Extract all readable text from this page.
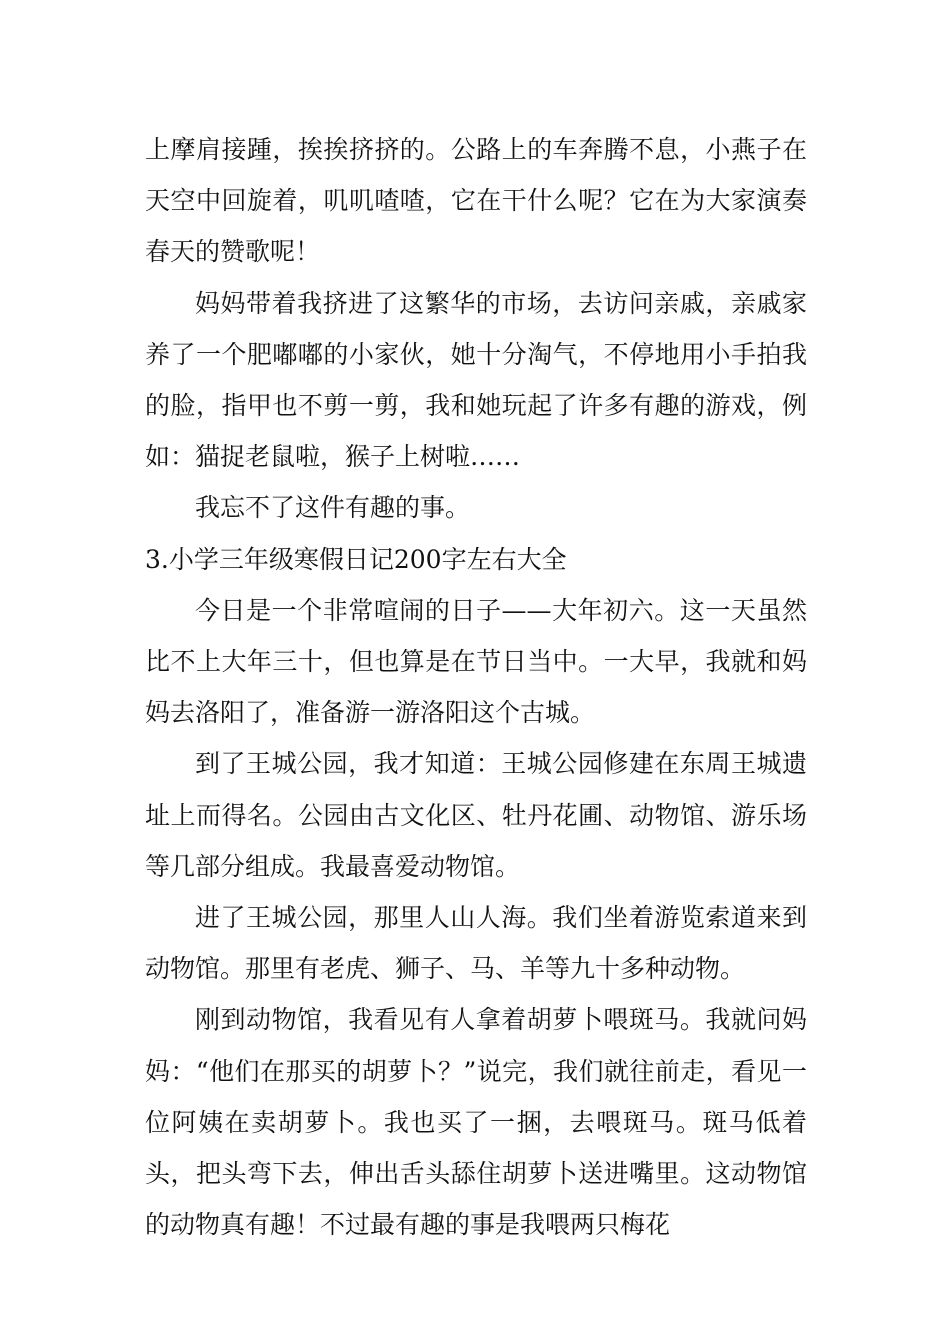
上摩肩接踵，挨挨挤挤的。公路上的车奔腾不息，小燕子在天空中回旋着，叽叽喳喳，它在干什么呢？它在为大家演奏春天的赞歌呢！

妈妈带着我挤进了这繁华的市场，去访问亲戚，亲戚家养了一个肥嘟嘟的小家伙，她十分淘气，不停地用小手拍我的脸，指甲也不剪一剪，我和她玩起了许多有趣的游戏，例如：猫捉老鼠啦，猴子上树啦……

我忘不了这件有趣的事。

3.小学三年级寒假日记200字左右大全

今日是一个非常喧闹的日子——大年初六。这一天虽然比不上大年三十，但也算是在节日当中。一大早，我就和妈妈去洛阳了，准备游一游洛阳这个古城。

到了王城公园，我才知道：王城公园修建在东周王城遗址上而得名。公园由古文化区、牡丹花圃、动物馆、游乐场等几部分组成。我最喜爱动物馆。

进了王城公园，那里人山人海。我们坐着游览索道来到动物馆。那里有老虎、狮子、马、羊等九十多种动物。

刚到动物馆，我看见有人拿着胡萝卜喂斑马。我就问妈妈：“他们在那买的胡萝卜？”说完，我们就往前走，看见一位阿姨在卖胡萝卜。我也买了一捆，去喂斑马。斑马低着头，把头弯下去，伸出舌头舔住胡萝卜送进嘴里。这动物馆的动物真有趣！不过最有趣的事是我喂两只梅花
